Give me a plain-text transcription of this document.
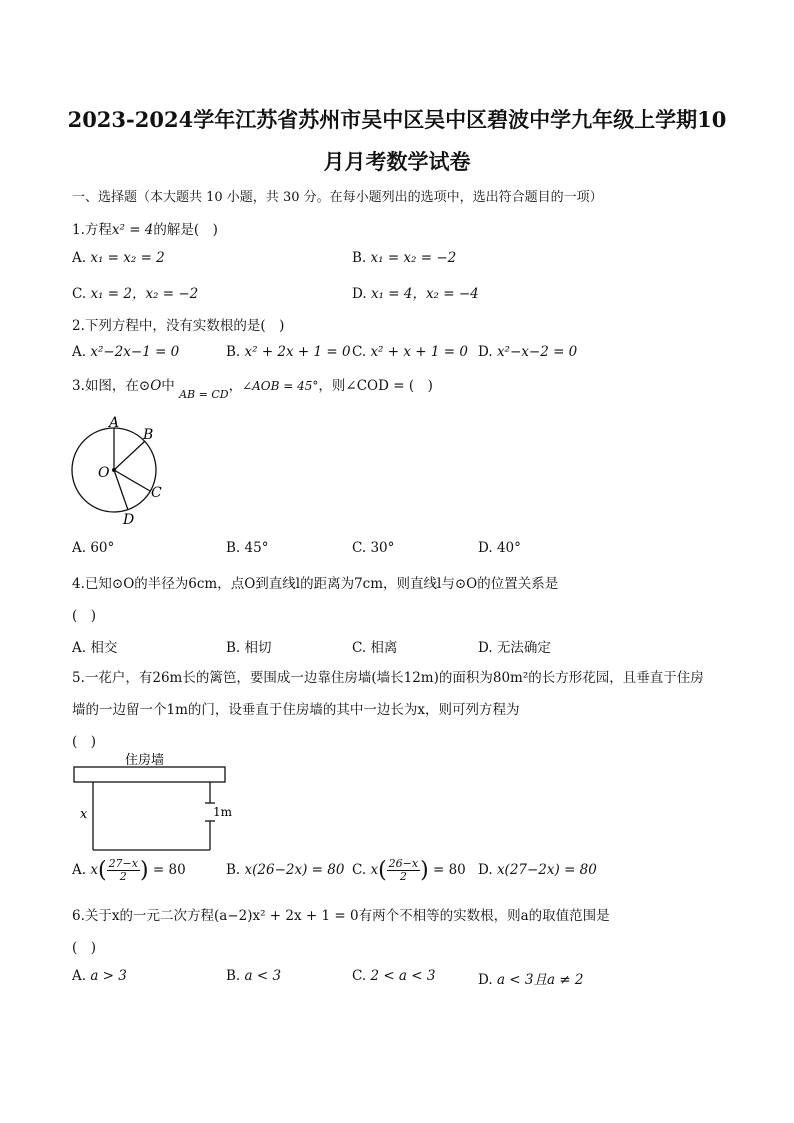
2023-2024学年江苏省苏州市吴中区吴中区碧波中学九年级上学期10
月月考数学试卷
一、选择题（本大题共 10 小题，共 30 分。在每小题列出的选项中，选出符合题目的一项）
1.方程x² = 4的解是(　)
A. x₁ = x₂ = 2	B. x₁ = x₂ = −2
C. x₁ = 2，x₂ = −2	D. x₁ = 4，x₂ = −4
2.下列方程中，没有实数根的是(　)
A. x²−2x−1 = 0	B. x² + 2x + 1 = 0 C. x² + x + 1 = 0 D. x²−x−2 = 0
3.如图，在⊙O中 $_{AB = CD}$，∠AOB = 45°，则∠COD = (　)
A
B
O
C
D
A. 60°	B. 45°	C. 30°	D. 40°
4.已知⊙O的半径为6cm，点O到直线l的距离为7cm，则直线l与⊙O的位置关系是
(　)
A. 相交	B. 相切	C. 相离	D. 无法确定
5.一花户，有26m长的篱笆，要围成一边靠住房墙(墙长12m)的面积为80m²的长方形花园，且垂直于住房
墙的一边留一个1m的门，设垂直于住房墙的其中一边长为x，则可列方程为
(　)
住房墙
x	1m
A. $x( \frac{27-x}{2}$ ) = 80	B. x(26−2x) = 80 C. $x( \frac{26-x}{2}$ ) = 80 D. x(27−2x) = 80
6.关于x的一元二次方程(a−2)x² + 2x + 1 = 0有两个不相等的实数根，则a的取值范围是
(　)
A. a > 3	B. a < 3	C. 2 < a < 3	D. a < 3且a ≠ 2
